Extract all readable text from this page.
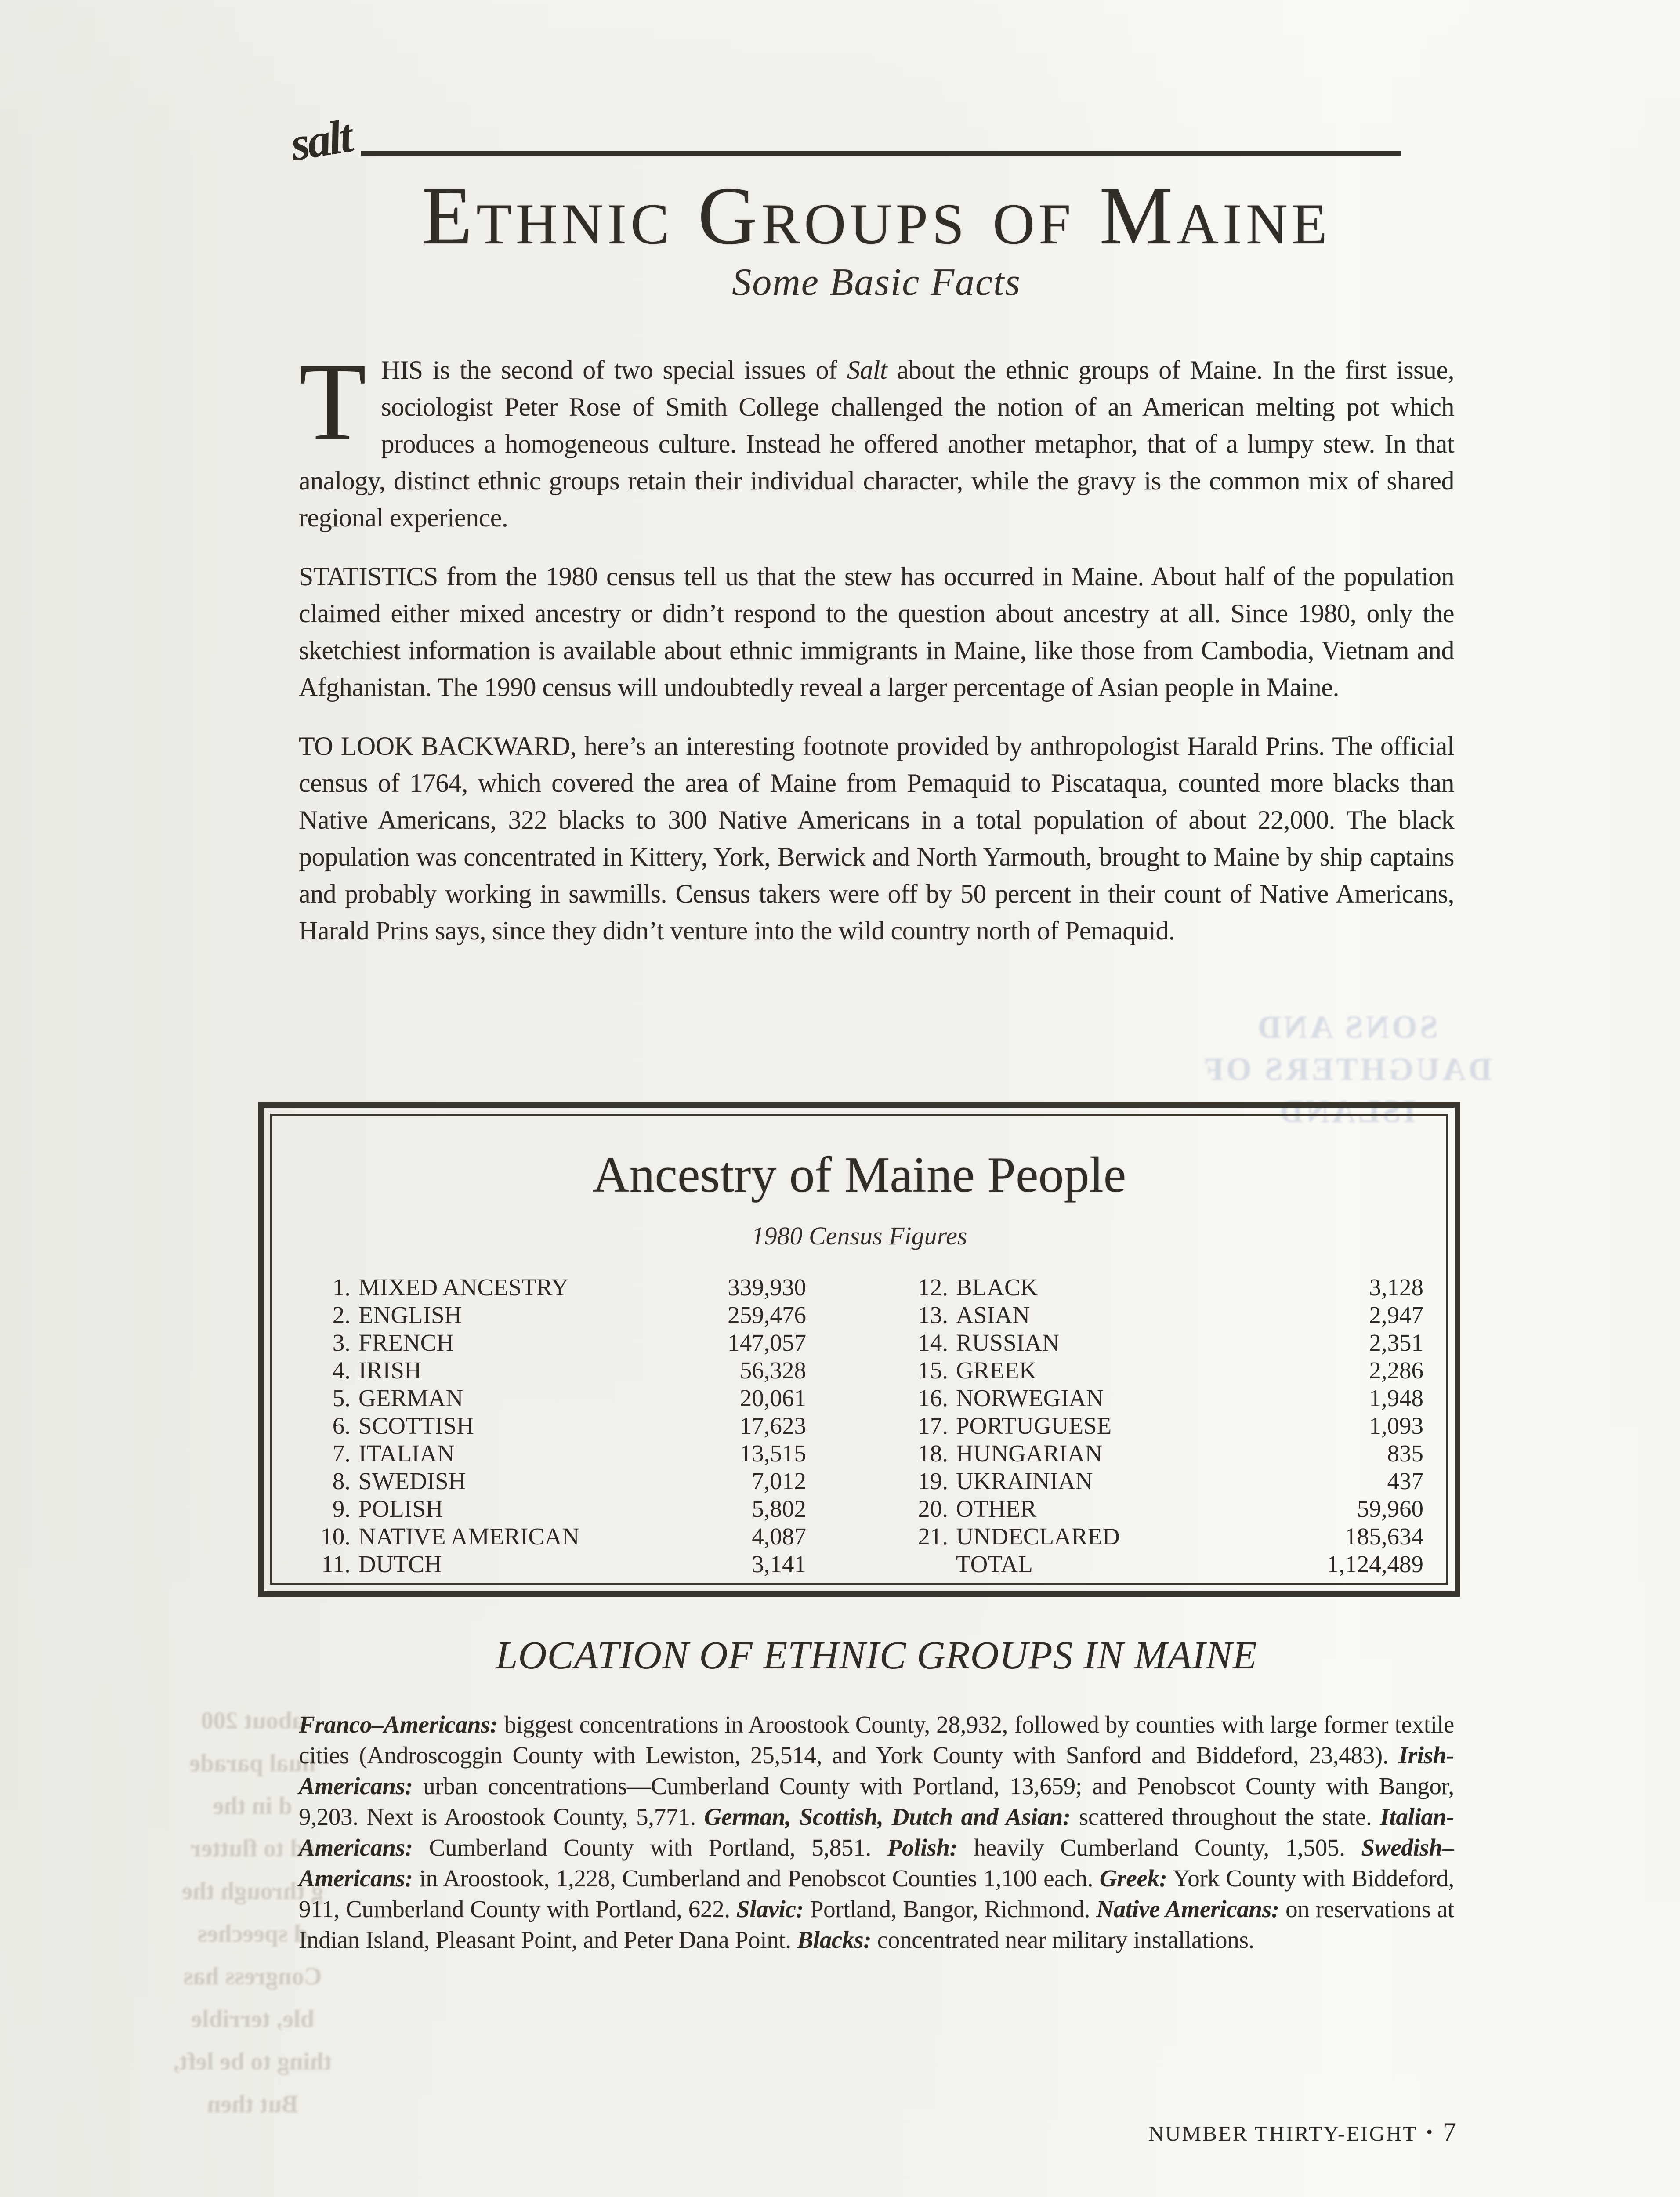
SONS AND
DAUGHTERS OF
ISLAND
about 200
nual parade
d in the
ed to flutter
g through the
d speeches
Congress has
ble, terrible
thing to be left,
But then
salt
Ethnic Groups of Maine
Some Basic Facts

THIS is the second of two special issues of Salt about the ethnic groups of Maine. In the first issue, sociologist Peter Rose of Smith College challenged the notion of an American melting pot which produces a homogeneous culture. Instead he offered another metaphor, that of a lumpy stew. In that analogy, distinct ethnic groups retain their individual character, while the gravy is the common mix of shared regional experience.

STATISTICS from the 1980 census tell us that the stew has occurred in Maine. About half of the population claimed either mixed ancestry or didn’t respond to the question about ancestry at all. Since 1980, only the sketchiest information is available about ethnic immigrants in Maine, like those from Cambodia, Vietnam and Afghanistan. The 1990 census will undoubtedly reveal a larger percentage of Asian people in Maine.

TO LOOK BACKWARD, here’s an interesting footnote provided by anthropologist Harald Prins. The official census of 1764, which covered the area of Maine from Pemaquid to Piscataqua, counted more blacks than Native Americans, 322 blacks to 300 Native Americans in a total population of about 22,000. The black population was concentrated in Kittery, York, Berwick and North Yarmouth, brought to Maine by ship captains and probably working in sawmills. Census takers were off by 50 percent in their count of Native Americans, Harald Prins says, since they didn’t venture into the wild country north of Pemaquid.

Ancestry of Maine People
1980 Census Figures
1. MIXED ANCESTRY	339,930
2. ENGLISH	259,476
3. FRENCH	147,057
4. IRISH	56,328
5. GERMAN	20,061
6. SCOTTISH	17,623
7. ITALIAN	13,515
8. SWEDISH	7,012
9. POLISH	5,802
10. NATIVE AMERICAN	4,087
11. DUTCH	3,141
12. BLACK	3,128
13. ASIAN	2,947
14. RUSSIAN	2,351
15. GREEK	2,286
16. NORWEGIAN	1,948
17. PORTUGUESE	1,093
18. HUNGARIAN	835
19. UKRAINIAN	437
20. OTHER	59,960
21. UNDECLARED	185,634
TOTAL	1,124,489
LOCATION OF ETHNIC GROUPS IN MAINE

Franco–Americans: biggest concentrations in Aroostook County, 28,932, followed by counties with large former textile cities (Androscoggin County with Lewiston, 25,514, and York County with Sanford and Biddeford, 23,483). Irish-Americans: urban concentrations—Cumberland County with Portland, 13,659; and Penobscot County with Bangor, 9,203. Next is Aroostook County, 5,771. German, Scottish, Dutch and Asian: scattered throughout the state. Italian-Americans: Cumberland County with Portland, 5,851. Polish: heavily Cumberland County, 1,505. Swedish–Americans: in Aroostook, 1,228, Cumberland and Penobscot Counties 1,100 each. Greek: York County with Biddeford, 911, Cumberland County with Portland, 622. Slavic: Portland, Bangor, Richmond. Native Americans: on reservations at Indian Island, Pleasant Point, and Peter Dana Point. Blacks: concentrated near military installations.

NUMBER THIRTY-EIGHT • 7
